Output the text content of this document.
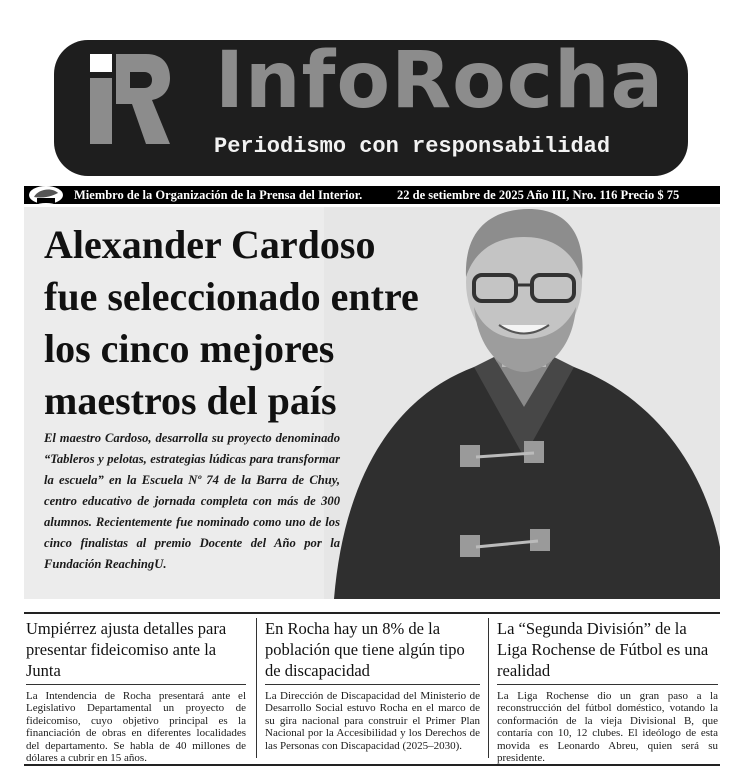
InfoRocha
Periodismo con responsabilidad
Miembro de la Organización de la Prensa del Interior.	22 de setiembre de 2025 Año III, Nro. 116 Precio $ 75
Alexander Cardoso fue seleccionado entre los cinco mejores maestros del país

El maestro Cardoso, desarrolla su proyecto denominado “Tableros y pelotas, estrategias lúdicas para transformar la escuela” en la Escuela Nº 74 de la Barra de Chuy, centro educativo de jornada completa con más de 300 alumnos. Recientemente fue nominado como uno de los cinco finalistas al premio Docente del Año por la Fundación ReachingU.

Umpiérrez ajusta detalles para presentar fideicomiso ante la Junta

La Intendencia de Rocha presentará ante el Legislativo Departamental un proyecto de fideicomiso, cuyo objetivo principal es la financiación de obras en diferentes localidades del departamento. Se habla de 40 millones de dólares a cubrir en 15 años.

En Rocha hay un 8% de la población que tiene algún tipo de discapacidad

La Dirección de Discapacidad del Ministerio de Desarrollo Social estuvo Rocha en el marco de su gira nacional para construir el Primer Plan Nacional por la Accesibilidad y los Derechos de las Personas con Discapacidad (2025–2030).

La “Segunda División” de la Liga Rochense de Fútbol es una realidad

La Liga Rochense dio un gran paso a la reconstrucción del fútbol doméstico, votando la conformación de la vieja Divisional B, que contaría con 10, 12 clubes. El ideólogo de esta movida es Leonardo Abreu, quien será su presidente.
